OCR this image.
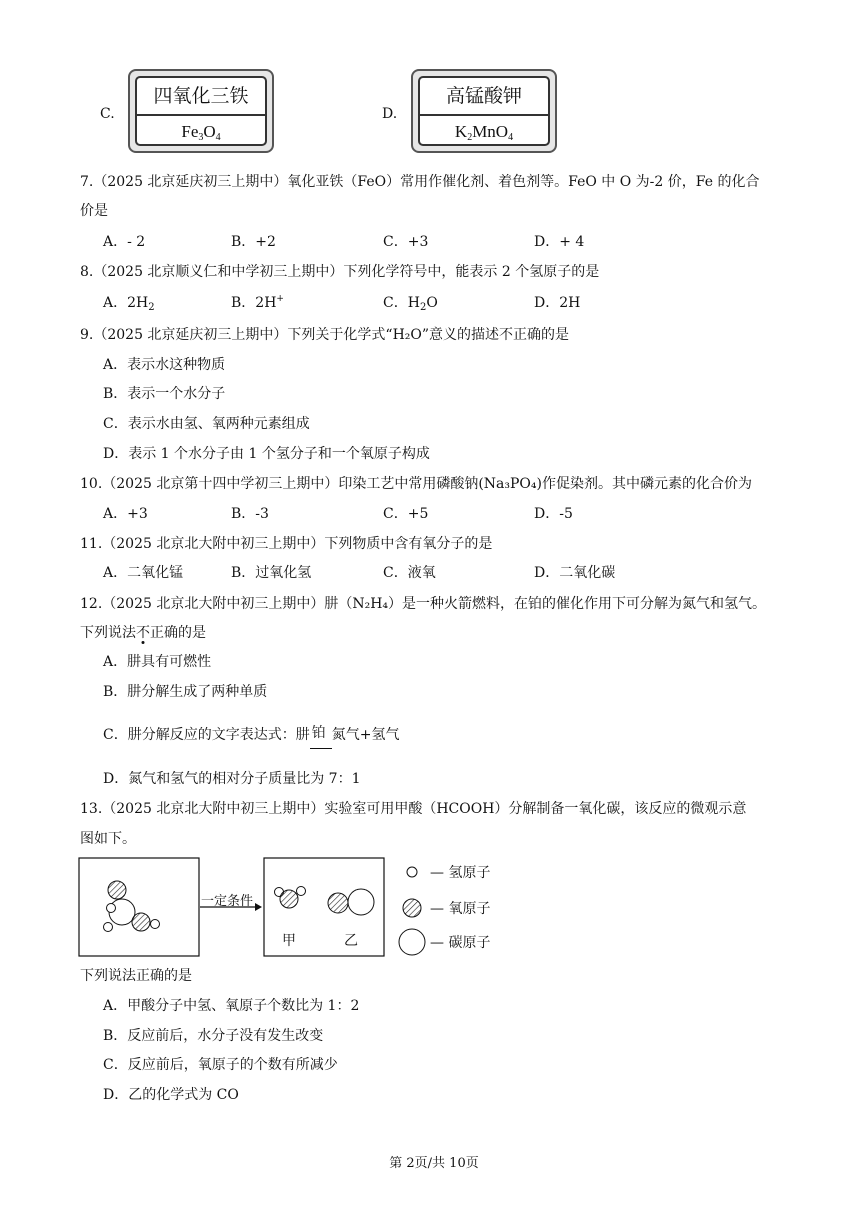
C.
四氧化三铁
$Fe_3O_4$
D.
高锰酸钾
$K_2MnO_4$
7.（2025 北京延庆初三上期中）氧化亚铁（FeO）常用作催化剂、着色剂等。FeO 中 O 为-2 价，Fe 的化合
价是
A．- 2	B．+2	C．+3	D．+ 4
8.（2025 北京顺义仁和中学初三上期中）下列化学符号中，能表示 2 个氢原子的是
A．$2H_2$	B．2H+	C．$H_2O$	D．2H
9.（2025 北京延庆初三上期中）下列关于化学式“H₂O”意义的描述不正确的是
A．表示水这种物质
B．表示一个水分子
C．表示水由氢、氧两种元素组成
D．表示 1 个水分子由 1 个氢分子和一个氧原子构成
10.（2025 北京第十四中学初三上期中）印染工艺中常用磷酸钠(Na₃PO₄)作促染剂。其中磷元素的化合价为
A．+3	B．-3	C．+5	D．-5
11.（2025 北京北大附中初三上期中）下列物质中含有氧分子的是
A．二氧化锰	B．过氧化氢	C．液氧	D．二氧化碳
12.（2025 北京北大附中初三上期中）肼（N₂H₄）是一种火箭燃料，在铂的催化作用下可分解为氮气和氢气。
下列说法不正确的是
A．肼具有可燃性
B．肼分解生成了两种单质
C．肼分解反应的文字表达式：肼 铂 氮气+氢气
D．氮气和氢气的相对分子质量比为 7：1
13.（2025 北京北大附中初三上期中）实验室可用甲酸（HCOOH）分解制备一氧化碳，该反应的微观示意
图如下。
一定条件
甲	乙
— 氢原子
— 氧原子
— 碳原子
下列说法正确的是
A．甲酸分子中氢、氧原子个数比为 1：2
B．反应前后，水分子没有发生改变
C．反应前后，氧原子的个数有所减少
D．乙的化学式为 CO
第 2页/共 10页
